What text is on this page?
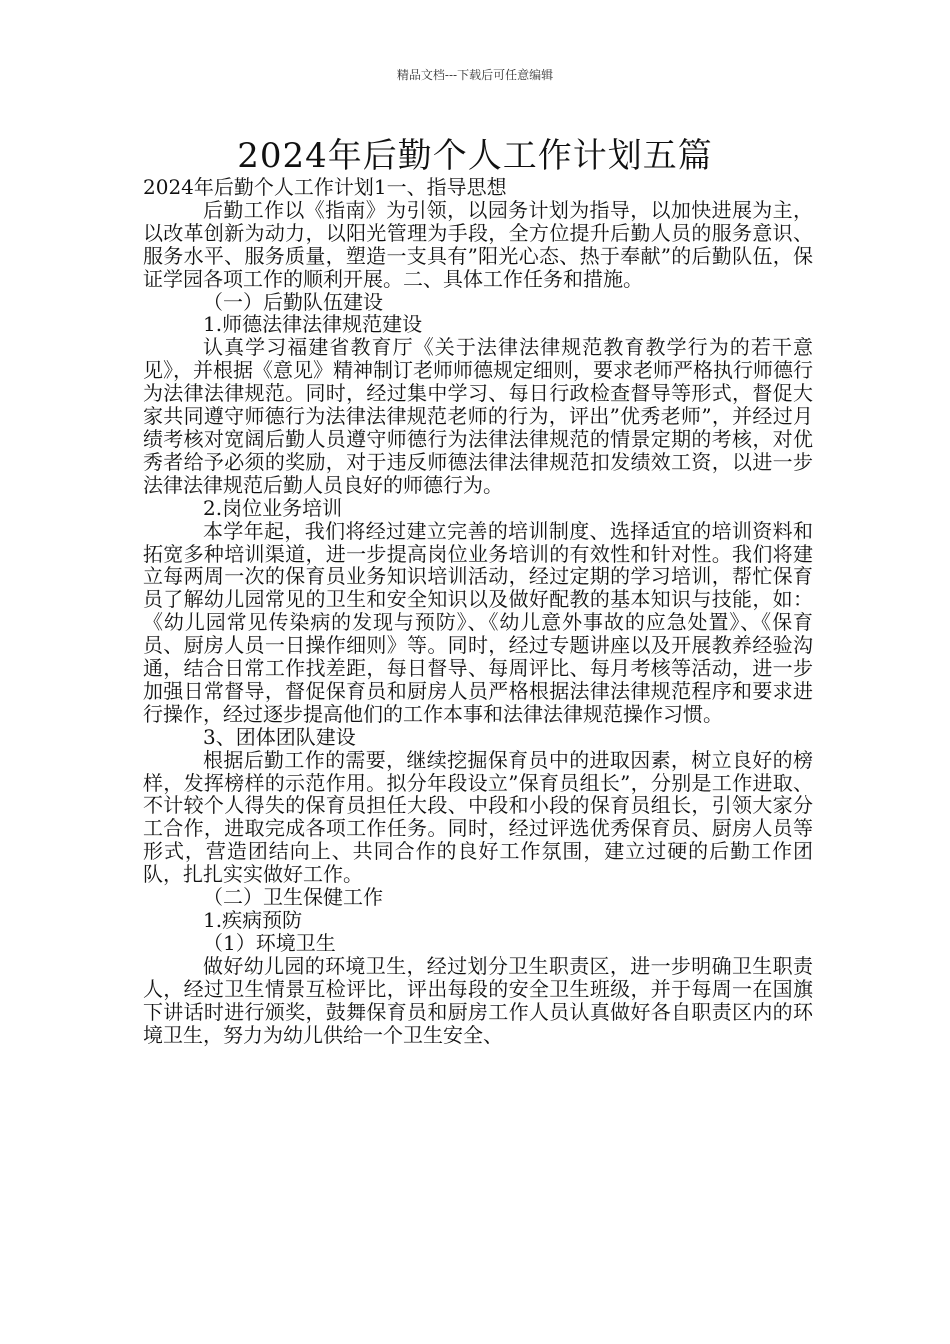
精品文档---下载后可任意编辑
2024年后勤个人工作计划五篇

2024年后勤个人工作计划1一、指导思想

后勤工作以《指南》为引领，以园务计划为指导，以加快进展为主，以改革创新为动力，以阳光管理为手段，全方位提升后勤人员的服务意识、服务水平、服务质量，塑造一支具有”阳光心态、热于奉献”的后勤队伍，保证学园各项工作的顺利开展。二、具体工作任务和措施。

（一）后勤队伍建设

1.师德法律法律规范建设

认真学习福建省教育厅《关于法律法律规范教育教学行为的若干意见》，并根据《意见》精神制订老师师德规定细则，要求老师严格执行师德行为法律法律规范。同时，经过集中学习、每日行政检查督导等形式，督促大家共同遵守师德行为法律法律规范老师的行为，评出”优秀老师”，并经过月绩考核对宽阔后勤人员遵守师德行为法律法律规范的情景定期的考核，对优秀者给予必须的奖励，对于违反师德法律法律规范扣发绩效工资，以进一步法律法律规范后勤人员良好的师德行为。

2.岗位业务培训

本学年起，我们将经过建立完善的培训制度、选择适宜的培训资料和拓宽多种培训渠道，进一步提高岗位业务培训的有效性和针对性。我们将建立每两周一次的保育员业务知识培训活动，经过定期的学习培训，帮忙保育员了解幼儿园常见的卫生和安全知识以及做好配教的基本知识与技能，如：《幼儿园常见传染病的发现与预防》、《幼儿意外事故的应急处置》、《保育员、厨房人员一日操作细则》等。同时，经过专题讲座以及开展教养经验沟通，结合日常工作找差距，每日督导、每周评比、每月考核等活动，进一步加强日常督导，督促保育员和厨房人员严格根据法律法律规范程序和要求进行操作，经过逐步提高他们的工作本事和法律法律规范操作习惯。

3、团体团队建设

根据后勤工作的需要，继续挖掘保育员中的进取因素，树立良好的榜样，发挥榜样的示范作用。拟分年段设立”保育员组长”，分别是工作进取、不计较个人得失的保育员担任大段、中段和小段的保育员组长，引领大家分工合作，进取完成各项工作任务。同时，经过评选优秀保育员、厨房人员等形式，营造团结向上、共同合作的良好工作氛围，建立过硬的后勤工作团队，扎扎实实做好工作。

（二）卫生保健工作

1.疾病预防

（1）环境卫生

做好幼儿园的环境卫生，经过划分卫生职责区，进一步明确卫生职责人，经过卫生情景互检评比，评出每段的安全卫生班级，并于每周一在国旗下讲话时进行颁奖，鼓舞保育员和厨房工作人员认真做好各自职责区内的环境卫生，努力为幼儿供给一个卫生安全、
